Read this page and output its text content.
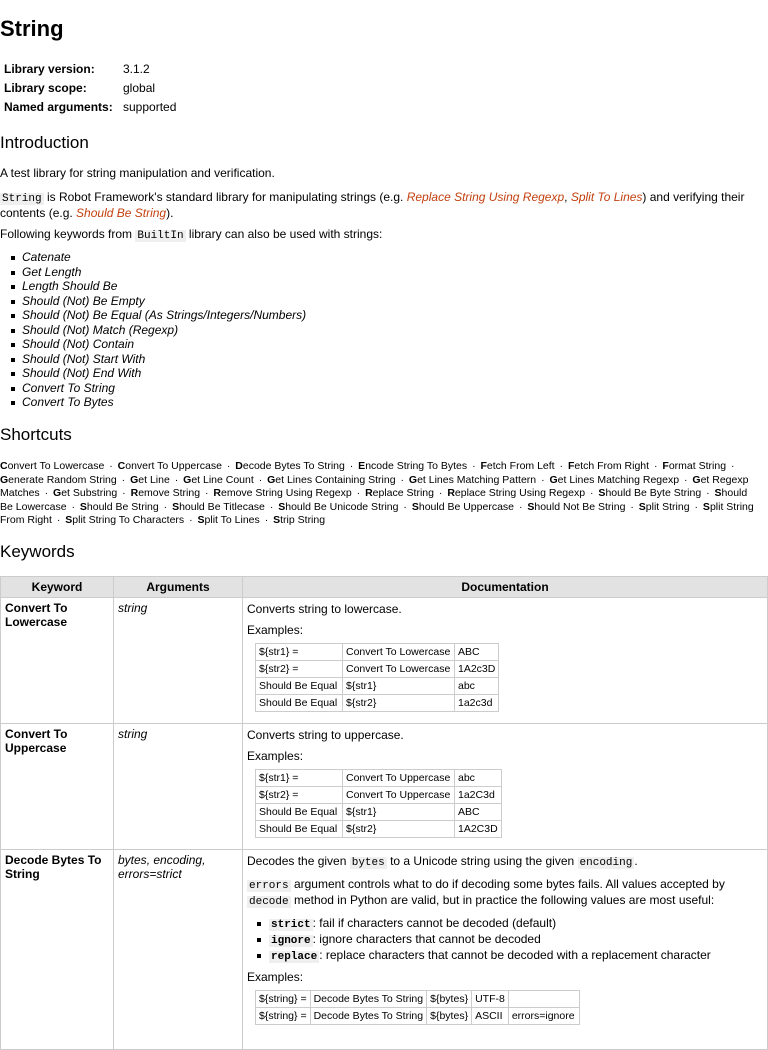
String
Library version:	3.1.2
Library scope:	global
Named arguments:	supported
Introduction
A test library for string manipulation and verification.
String is Robot Framework's standard library for manipulating strings (e.g. Replace String Using Regexp, Split To Lines) and verifying their contents (e.g. Should Be String).
Following keywords from BuiltIn library can also be used with strings:
Catenate
Get Length
Length Should Be
Should (Not) Be Empty
Should (Not) Be Equal (As Strings/Integers/Numbers)
Should (Not) Match (Regexp)
Should (Not) Contain
Should (Not) Start With
Should (Not) End With
Convert To String
Convert To Bytes
Shortcuts
Convert To Lowercase · Convert To Uppercase · Decode Bytes To String · Encode String To Bytes · Fetch From Left · Fetch From Right · Format String · Generate Random String · Get Line · Get Line Count · Get Lines Containing String · Get Lines Matching Pattern · Get Lines Matching Regexp · Get Regexp Matches · Get Substring · Remove String · Remove String Using Regexp · Replace String · Replace String Using Regexp · Should Be Byte String · Should Be Lowercase · Should Be String · Should Be Titlecase · Should Be Unicode String · Should Be Uppercase · Should Not Be String · Split String · Split String From Right · Split String To Characters · Split To Lines · Strip String
Keywords
Keyword	Arguments	Documentation
Convert To Lowercase	string	Converts string to lowercase.

Examples:

${str1} =	Convert To Lowercase	ABC
${str2} =	Convert To Lowercase	1A2c3D
Should Be Equal	${str1}	abc
Should Be Equal	${str2}	1a2c3d

Convert To Uppercase	string	Converts string to uppercase.

Examples:

${str1} =	Convert To Uppercase	abc
${str2} =	Convert To Uppercase	1a2C3d
Should Be Equal	${str1}	ABC
Should Be Equal	${str2}	1A2C3D

Decode Bytes To String	bytes, encoding, errors=strict	

Decodes the given bytes to a Unicode string using the given encoding .

errors argument controls what to do if decoding some bytes fails. All values accepted by decode method in Python are valid, but in practice the following values are most useful:

strict : fail if characters cannot be decoded (default)
ignore : ignore characters that cannot be decoded
replace : replace characters that cannot be decoded with a replacement character

Examples:

${string} =	Decode Bytes To String	${bytes}	UTF-8	
${string} =	Decode Bytes To String	${bytes}	ASCII	errors=ignore
